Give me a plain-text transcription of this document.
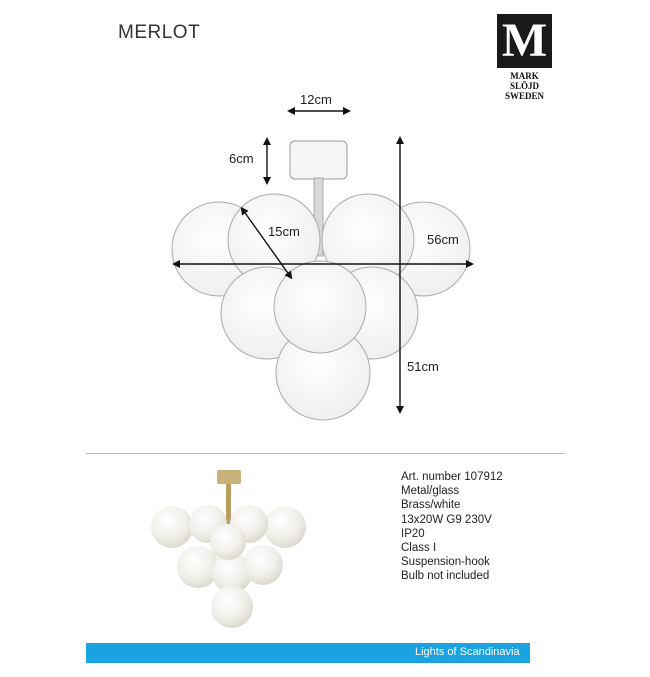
MERLOT	M
MARK
SLÖJD
SWEDEN
12cm
6cm
15cm
56cm
51cm
Art. number 107912
Metal/glass
Brass/white
13x20W G9 230V
IP20
Class I
Suspension-hook
Bulb not included
Lights of Scandinavia
